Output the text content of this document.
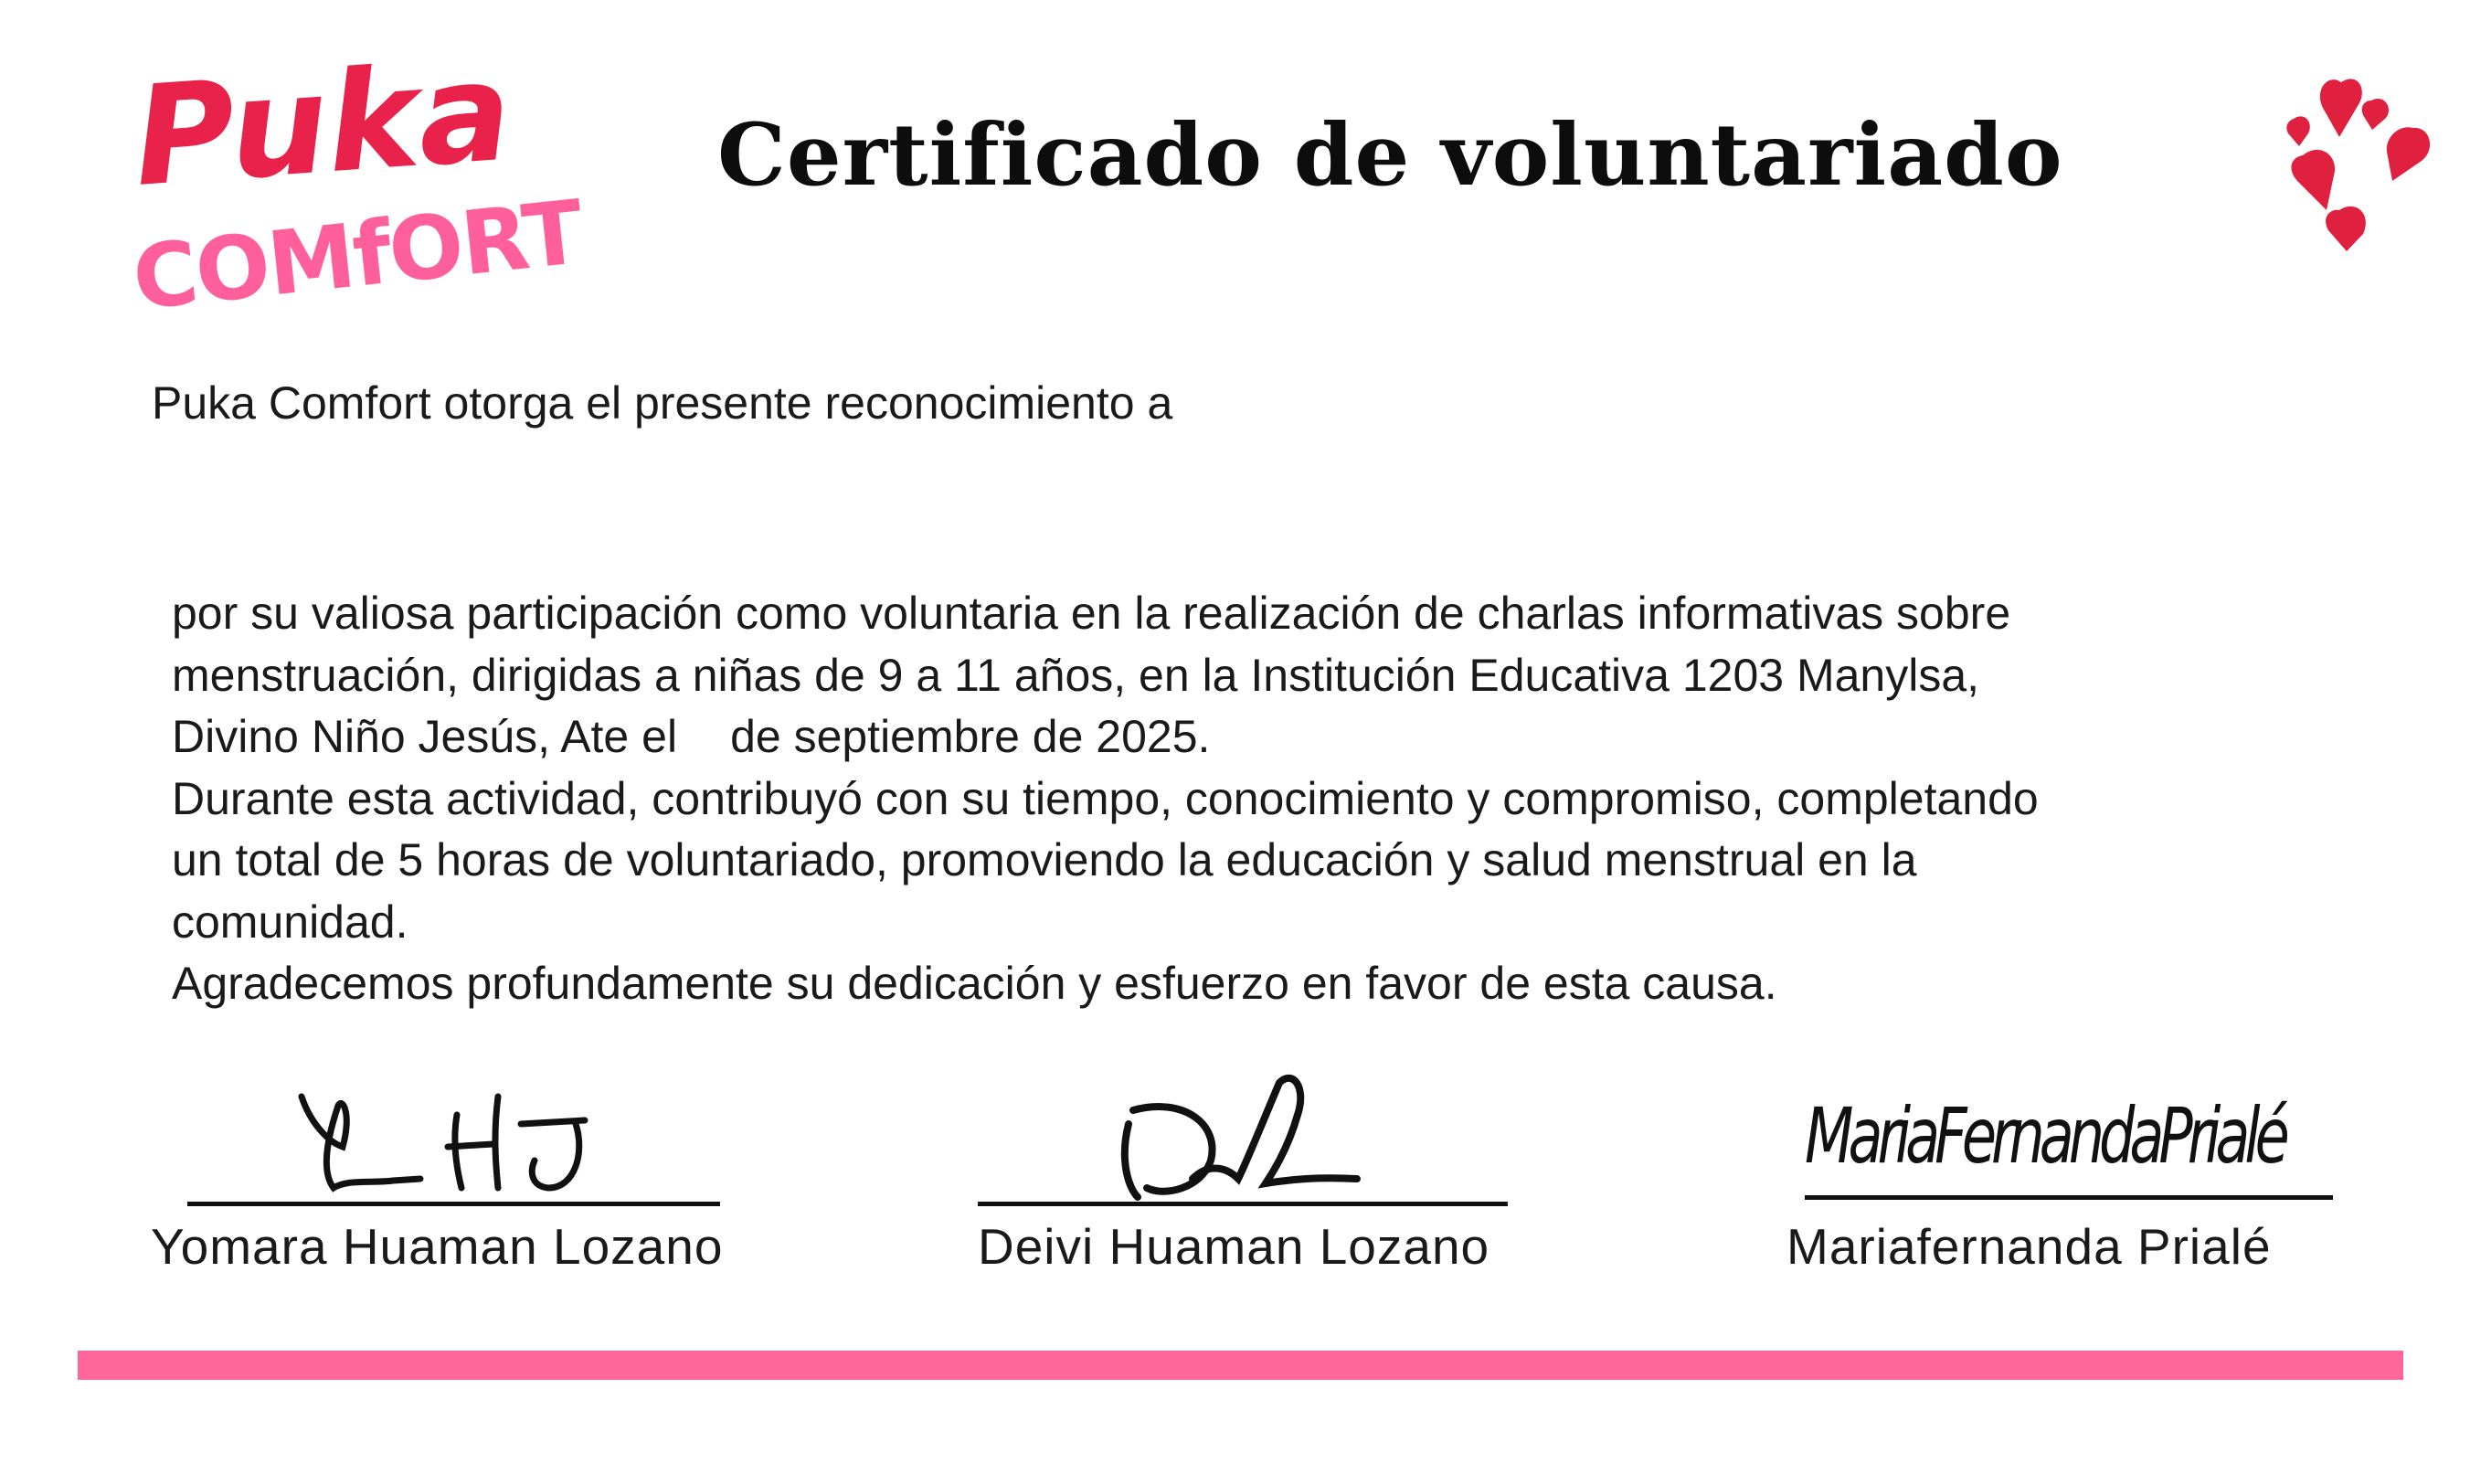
Puka
COMfORT
Certificado de voluntariado
Puka Comfort otorga el presente reconocimiento a

por su valiosa participación como voluntaria en la realización de charlas informativas sobre

menstruación, dirigidas a niñas de 9 a 11 años, en la Institución Educativa 1203 Manylsa,

Divino Niño Jesús, Ate el de septiembre de 2025.

Durante esta actividad, contribuyó con su tiempo, conocimiento y compromiso, completando

un total de 5 horas de voluntariado, promoviendo la educación y salud menstrual en la

comunidad.

Agradecemos profundamente su dedicación y esfuerzo en favor de esta causa.

Yomara Huaman Lozano	Deivi Huaman Lozano
MariaFernandaPrialé
Mariafernanda Prialé
